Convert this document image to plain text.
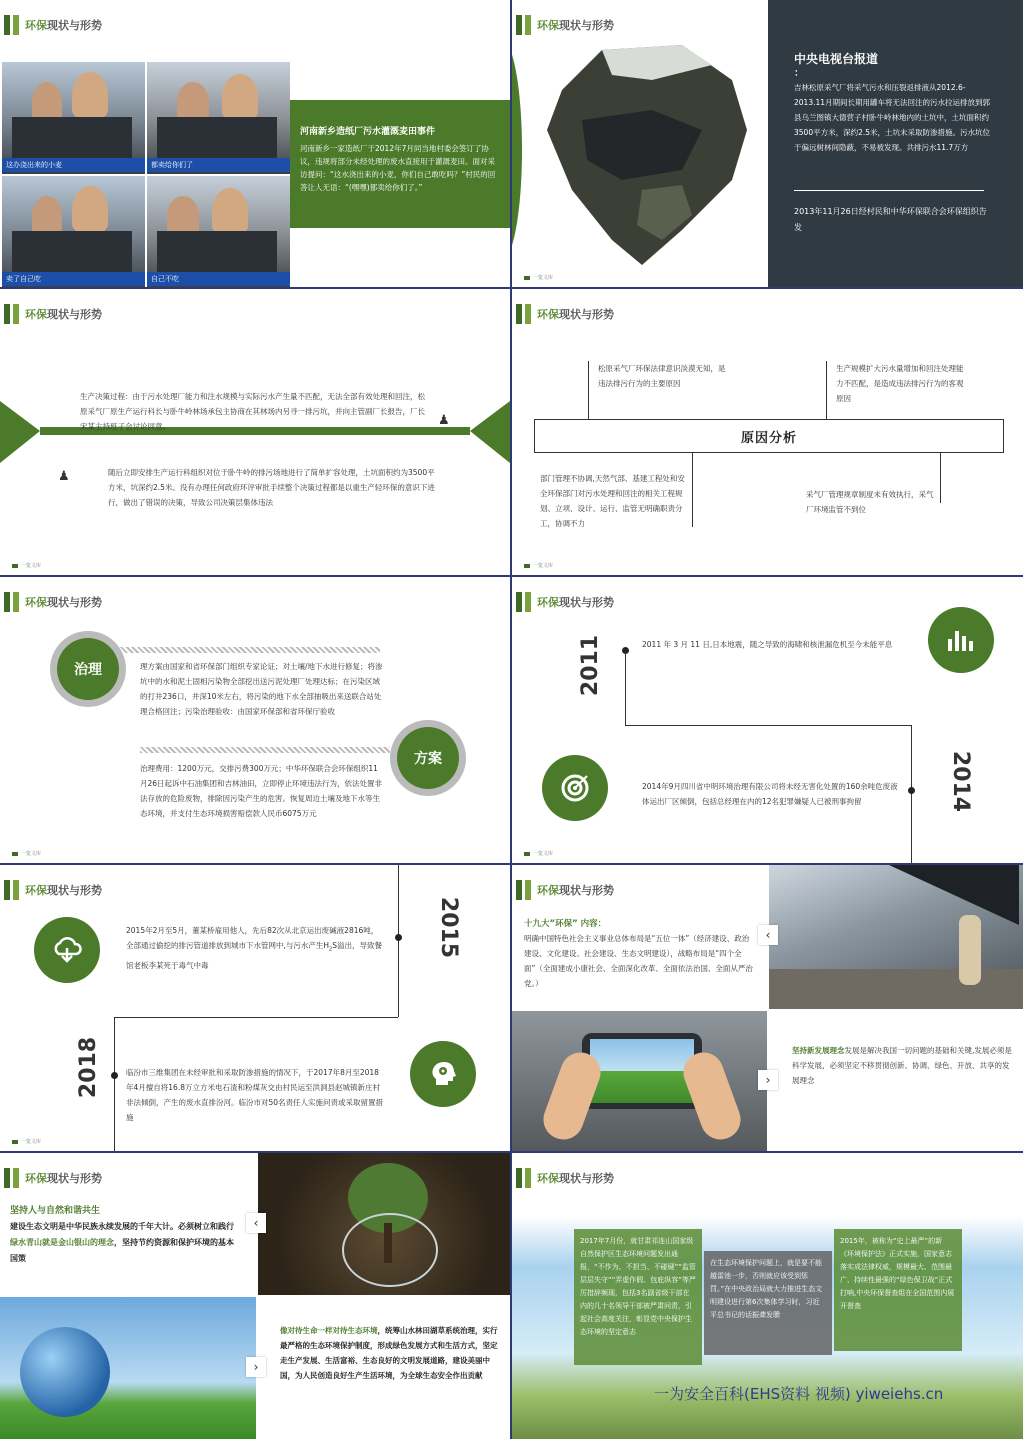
环保现状与形势
这办浇出来的小麦	都卖给你们了
卖了自己吃	自己不吃
河南新乡造纸厂污水灌溉麦田事件
河南新乡一家造纸厂于2012年7月同当地村委会签订了协议，违规将部分未经处理的废水直接用于灌溉麦田。面对采访提问：“这水浇出来的小麦，你们自己敢吃吗？”村民的回答让人无语：“(嘿嘿)都卖给你们了。”
环保现状与形势
中央电视台报道
：
吉林松原采气厂将采气污水和压裂返排液从2012.6-2013.11月期间长期用罐车将无法回注的污水拉运排放到郭县乌兰图镇大德营子村卧牛岭林地内的土坑中，土坑面积约3500平方米，深约2.5米，土坑未采取防渗措施。污水坑位于偏远树林间隐蔽，不易被发现。共排污水11.7万方
2013年11月26日经村民和中华环保联合会环保组织告发
一览文库
环保现状与形势
生产决策过程：由于污水处理厂能力和注水规模与实际污水产生量不匹配，无法全部有效处理和回注，松原采气厂原生产运行科长与卧牛岭林场承包主协商在其林场内另寻一排污坑，并向主管副厂长报告，厂长宋某主持班子会讨论同意。	♟
♟	随后立即安排生产运行科组织对位于卧牛岭的排污场地进行了简单扩容处理，土坑面积约为3500平方米，坑深约2.5米。没有办理任何政府环评审批手续整个决策过程都是以重生产轻环保的意识下进行，做出了错误的决策，导致公司决策层集体违法
一览文库
环保现状与形势
松原采气厂环保法律意识淡漠无知，是违法排污行为的主要原因
生产规模扩大污水量增加和回注处理能力不匹配，是造成违法排污行为的客观原因
原因分析
部门管理不协调,天然气部、基建工程处和安全环保部门对污水处理和回注的相关工程规划、立项、设计、运行、监管无明确职责分工，协调不力
采气厂管理规章制度未有效执行，采气厂环境监管不到位
一览文库
环保现状与形势
治理	理方案由国家和省环保部门组织专家论证；对土壤/地下水进行修复；将渗坑中的水和泥土固相污染物全部挖出送污泥处理厂处理达标；在污染区域的打井236口，井深10米左右，将污染的地下水全部抽吸出来送联合站处理合格回注；污染治理验收：由国家环保部和省环保厅验收
方案
治理费用：1200万元，交排污费300万元；中华环保联合会环保组织11月26日起诉中石油集团和吉林油田，立即停止环境违法行为，依法处置非法存放的危险废物，排除因污染产生的危害。恢复周边土壤及地下水等生态环境，并支付生态环境损害赔偿款人民币6075万元
一览文库
环保现状与形势
2011	2011 年 3 月 11 日,日本地震，随之导致的海啸和核泄漏危机至今未能平息
2014
2014年9月四川省中明环境治理有限公司将未经无害化处置的160余吨危废液体运出厂区倾倒，包括总经理在内的12名犯罪嫌疑人已被刑事拘留
一览文库
环保现状与形势
2015
2018
2015年2月至5月，董某桥雇用他人，先后82次从北京运出废碱液2816吨，全部通过偷挖的排污管道排放到城市下水管网中,与污水产生$H_2S$溢出，导致餐馆老板李某死于毒气中毒
临汾市三维集团在未经审批和采取防渗措施的情况下，于2017年8月至2018年4月擅自将16.8万立方米电石渣和粉煤灰交由村民运至洪洞县赵城镇新庄村非法倾倒，产生的废水直排汾河。临汾市对50名责任人实施问责或采取留置措施
一览文库
环保现状与形势
十九大”环保” 内容：
明确中国特色社会主义事业总体布局是“五位一体”（经济建设、政治建设、文化建设、社会建设、生态文明建设），战略布局是“四个全面”（全面建成小康社会、全面深化改革、全面依法治国、全面从严治党。）
‹
›
坚持新发展理念发展是解决我国一切问题的基础和关键,发展必须是科学发展，必须坚定不移贯彻创新、协调、绿色、开放、共享的发展理念
环保现状与形势
坚持人与自然和谐共生
建设生态文明是中华民族永续发展的千年大计。必须树立和践行绿水青山就是金山银山的理念，坚持节约资源和保护环境的基本国策
‹
›
像对待生命一样对待生态环境，统筹山水林田湖草系统治理，实行最严格的生态环境保护制度，形成绿色发展方式和生活方式，坚定走生产发展、生活富裕、生态良好的文明发展道路，建设美丽中国，为人民创造良好生产生活环境，为全球生态安全作出贡献
环保现状与形势
2017年7月份，就甘肃祁连山国家级自然保护区生态环境问题发出通报，“不作为、不担当、不碰硬”“监管层层失守”“弄虚作假、包庇纵容”等严厉措辞频现，包括3名副省级干部在内的几十名领导干部被严肃问责，引起社会高度关注，彰显党中央保护生态环境的坚定意志
在生态环境保护问题上，就是要不能越雷池一步，否则就应该受到惩罚。”在中央政治局就大力推进生态文明建设进行第6次集体学习时，习近平总书记的话振聋发聩
2015年，被称为“史上最严”的新《环境保护法》正式实施，国家意志落实成法律权威，规模最大、范围最广、持续性最强的“绿色保卫战”正式打响,中央环保督查组在全国范围内展开督查
一为安全百科(EHS资料 视频) yiweiehs.cn
